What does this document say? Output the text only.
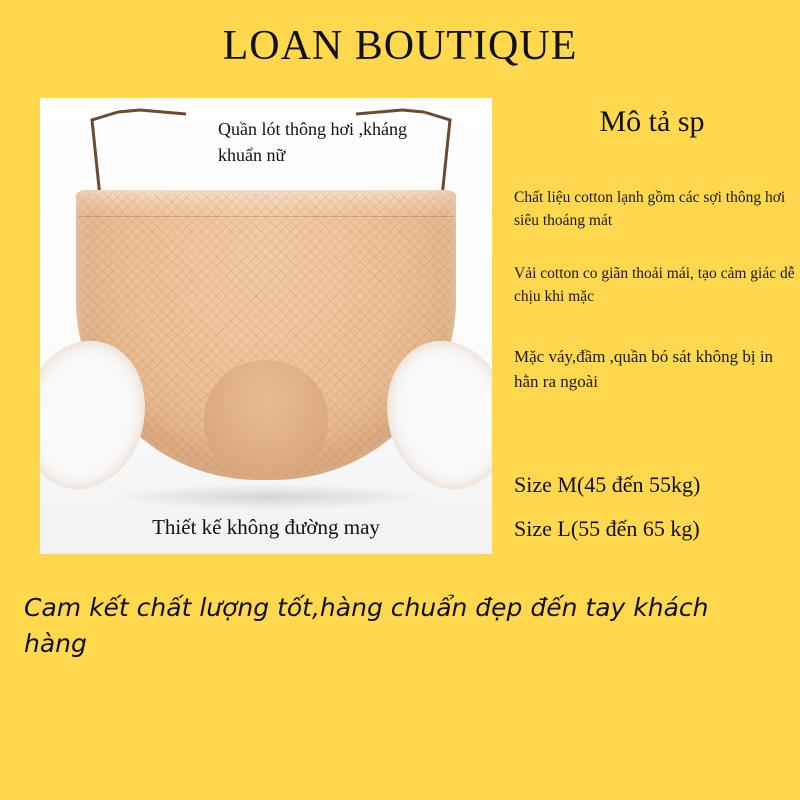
LOAN BOUTIQUE
Quần lót thông hơi ,kháng khuẩn nữ
Thiết kế không đường may
Mô tả sp
Chất liệu cotton lạnh gồm các sợi thông hơi siêu thoáng mát
Vải cotton co giãn thoải mái, tạo cảm giác dễ chịu khi mặc
Mặc váy,đầm ,quần bó sát không bị in hằn ra ngoài
Size M(45 đến 55kg)
Size L(55 đến 65 kg)
Cam kết chất lượng tốt,hàng chuẩn đẹp đến tay khách hàng
